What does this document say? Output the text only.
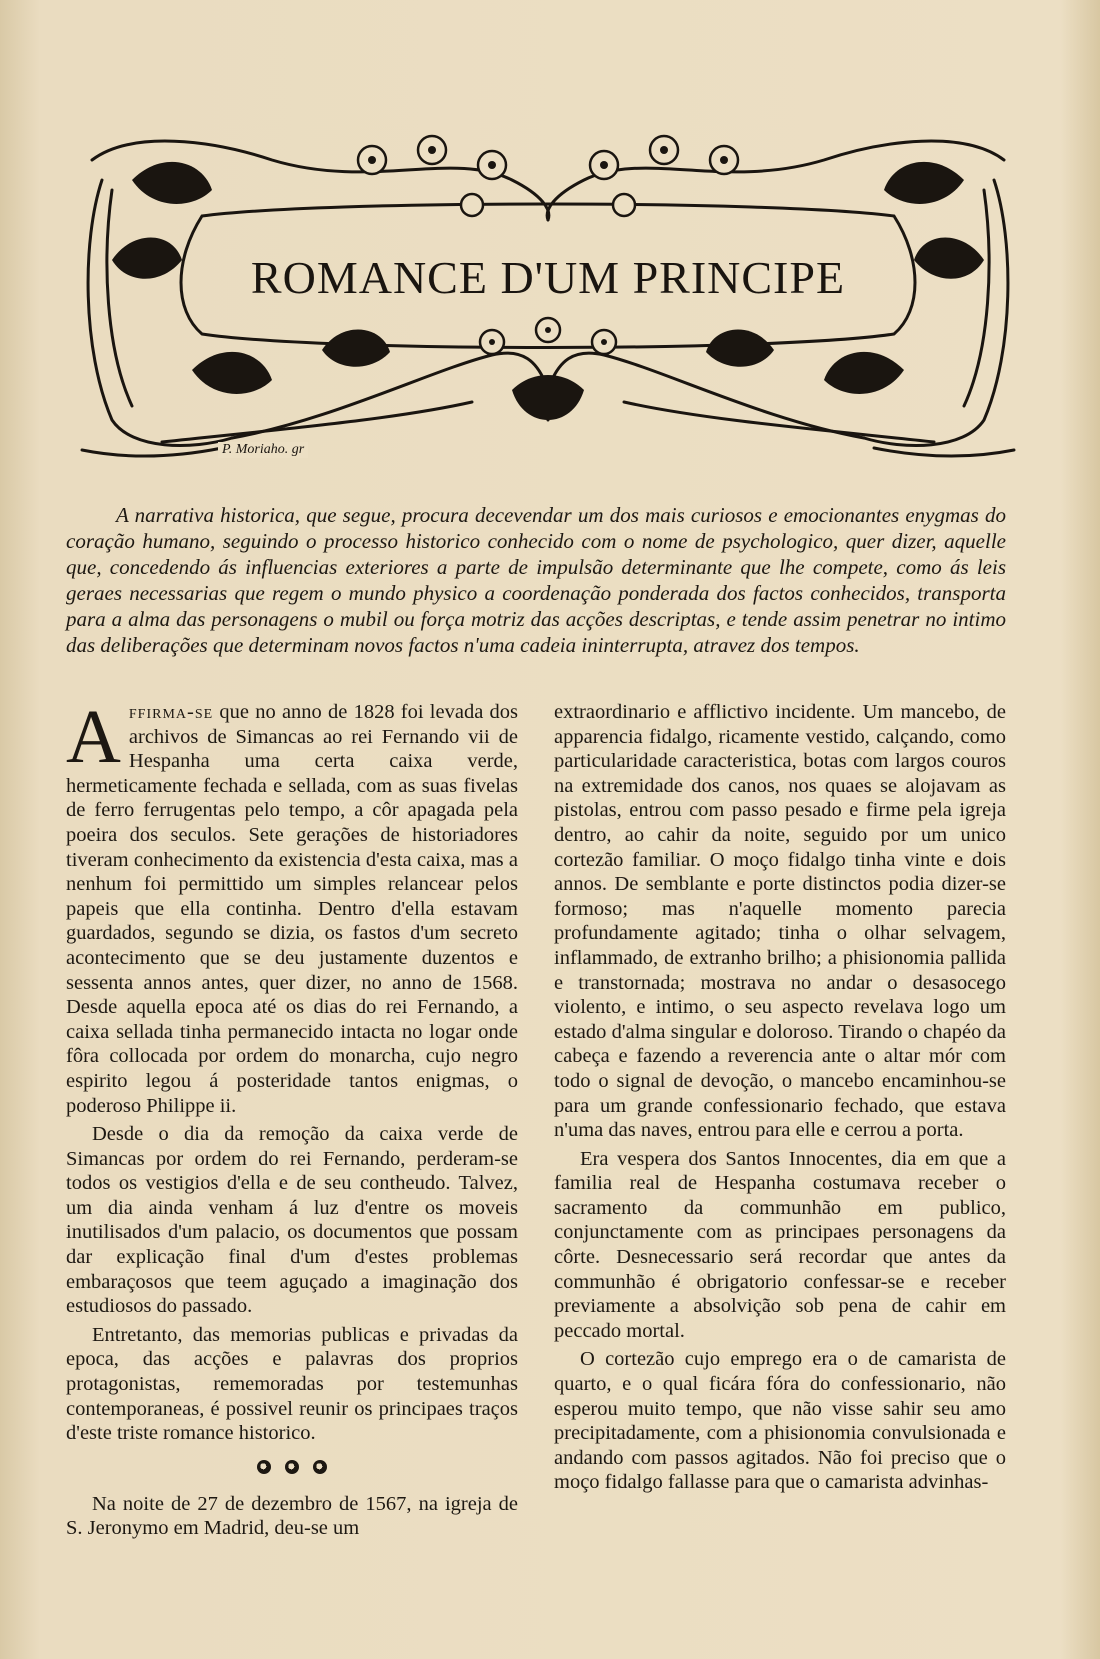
ROMANCE D'UM PRINCIPE
P. Moriaho. gr

A narrativa historica, que segue, procura decevendar um dos mais curiosos e emocionantes enygmas do coração humano, seguindo o processo historico conhecido com o nome de psychologico, quer dizer, aquelle que, concedendo ás influencias exteriores a parte de impulsão determinante que lhe compete, como ás leis geraes necessarias que regem o mundo physico a coordenação ponderada dos factos conhecidos, transporta para a alma das personagens o mubil ou força motriz das acções descriptas, e tende assim penetrar no intimo das deliberações que determinam novos factos n'uma cadeia ininterrupta, atravez dos tempos.

Affirma-se que no anno de 1828 foi levada dos archivos de Simancas ao rei Fernando vii de Hespanha uma certa caixa verde, hermeticamente fechada e sellada, com as suas fivelas de ferro ferrugentas pelo tempo, a côr apagada pela poeira dos seculos. Sete gerações de historiadores tiveram conhecimento da existencia d'esta caixa, mas a nenhum foi permittido um simples relancear pelos papeis que ella continha. Dentro d'ella estavam guardados, segundo se dizia, os fastos d'um secreto acontecimento que se deu justamente duzentos e sessenta annos antes, quer dizer, no anno de 1568. Desde aquella epoca até os dias do rei Fernando, a caixa sellada tinha permanecido intacta no logar onde fôra collocada por ordem do monarcha, cujo negro espirito legou á posteridade tantos enigmas, o poderoso Philippe ii.

Desde o dia da remoção da caixa verde de Simancas por ordem do rei Fernando, perderam-se todos os vestigios d'ella e de seu contheudo. Talvez, um dia ainda venham á luz d'entre os moveis inutilisados d'um palacio, os documentos que possam dar explicação final d'um d'estes problemas embaraçosos que teem aguçado a imaginação dos estudiosos do passado.

Entretanto, das memorias publicas e privadas da epoca, das acções e palavras dos proprios protagonistas, rememoradas por testemunhas contemporaneas, é possivel reunir os principaes traços d'este triste romance historico.

Na noite de 27 de dezembro de 1567, na igreja de S. Jeronymo em Madrid, deu-se um

extraordinario e afflictivo incidente. Um mancebo, de apparencia fidalgo, ricamente vestido, calçando, como particularidade caracteristica, botas com largos couros na extremidade dos canos, nos quaes se alojavam as pistolas, entrou com passo pesado e firme pela igreja dentro, ao cahir da noite, seguido por um unico cortezão familiar. O moço fidalgo tinha vinte e dois annos. De semblante e porte distinctos podia dizer-se formoso; mas n'aquelle momento parecia profundamente agitado; tinha o olhar selvagem, inflammado, de extranho brilho; a phisionomia pallida e transtornada; mostrava no andar o desasocego violento, e intimo, o seu aspecto revelava logo um estado d'alma singular e doloroso. Tirando o chapéo da cabeça e fazendo a reverencia ante o altar mór com todo o signal de devoção, o mancebo encaminhou-se para um grande confessionario fechado, que estava n'uma das naves, entrou para elle e cerrou a porta.

Era vespera dos Santos Innocentes, dia em que a familia real de Hespanha costumava receber o sacramento da communhão em publico, conjunctamente com as principaes personagens da côrte. Desnecessario será recordar que antes da communhão é obrigatorio confessar-se e receber previamente a absolvição sob pena de cahir em peccado mortal.

O cortezão cujo emprego era o de camarista de quarto, e o qual ficára fóra do confessionario, não esperou muito tempo, que não visse sahir seu amo precipitadamente, com a phisionomia convulsionada e andando com passos agitados. Não foi preciso que o moço fidalgo fallasse para que o camarista advinhas-
